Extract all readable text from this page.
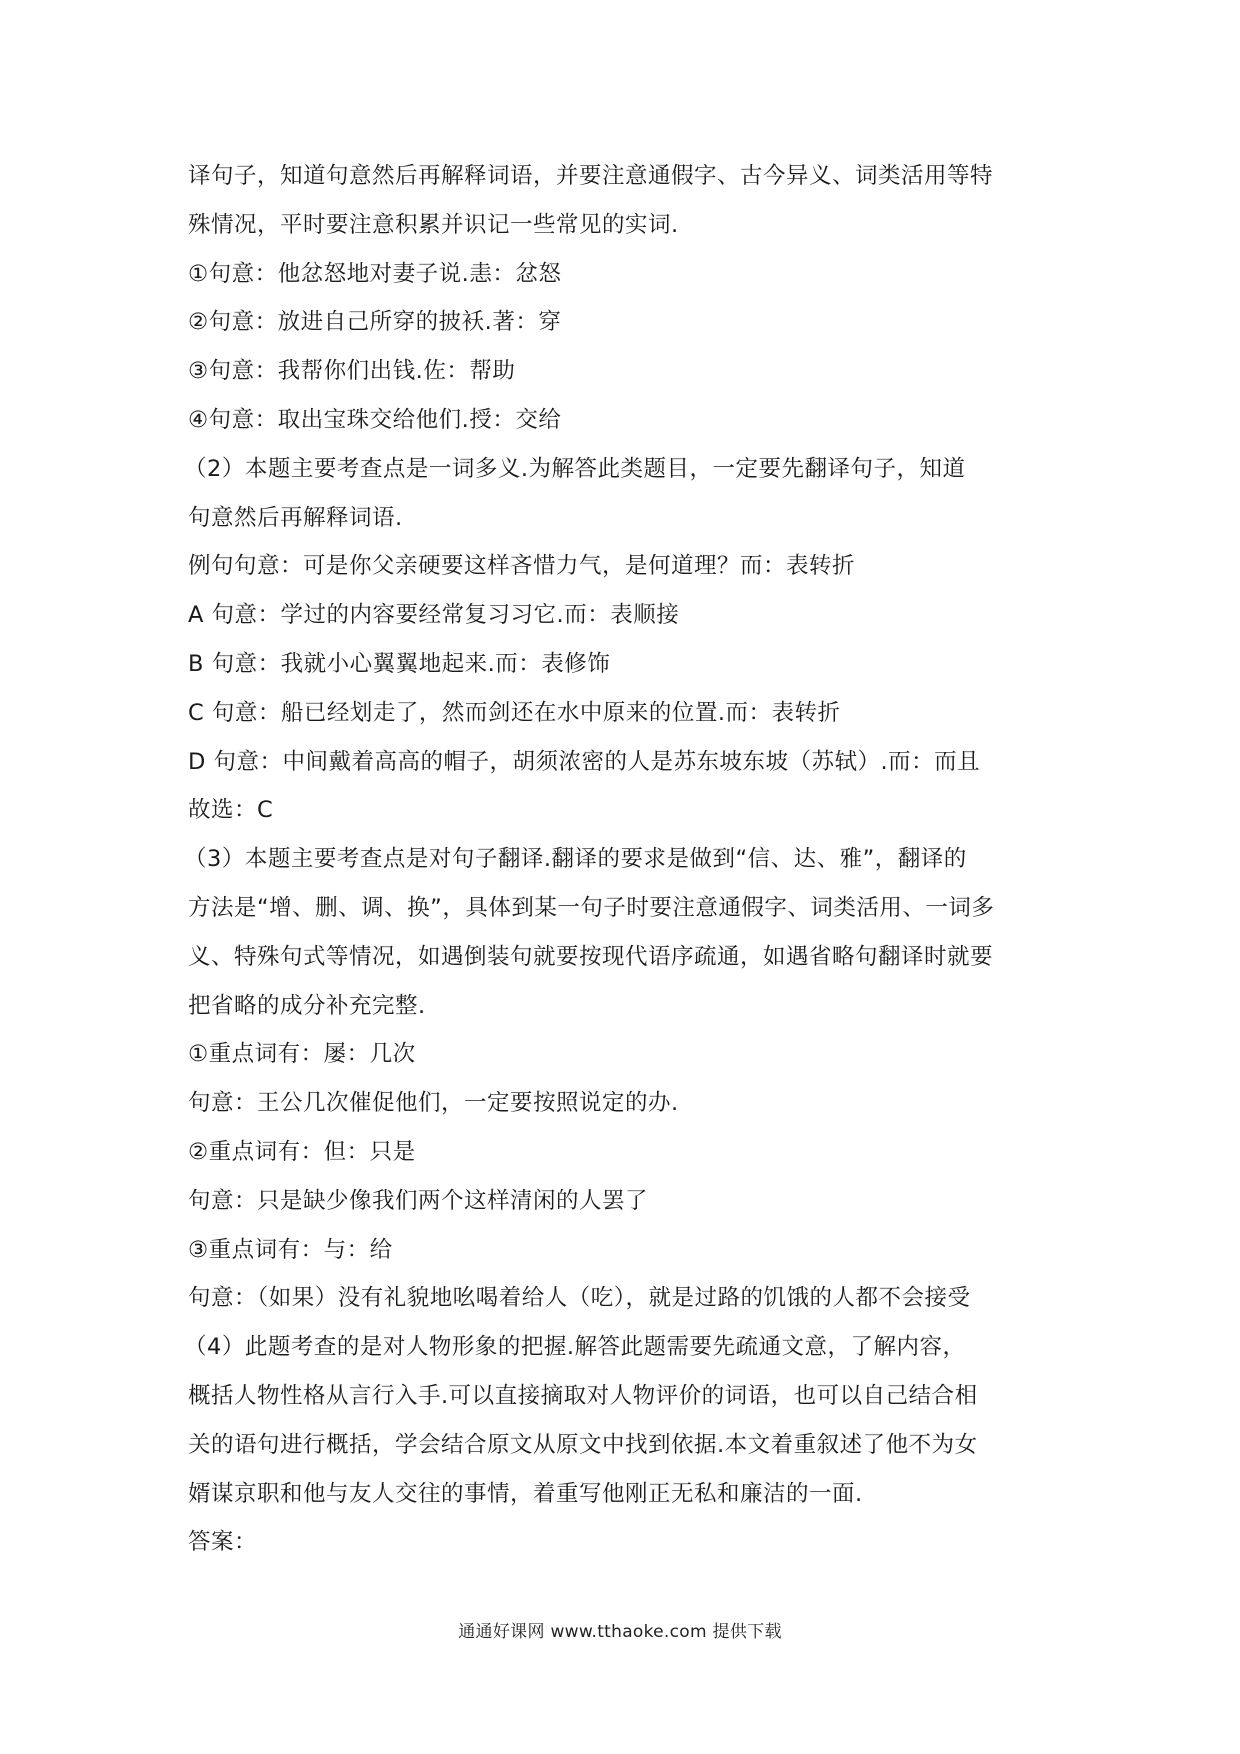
译句子，知道句意然后再解释词语，并要注意通假字、古今异义、词类活用等特
殊情况，平时要注意积累并识记一些常见的实词.
①句意：他忿怒地对妻子说.恚：忿怒
②句意：放进自己所穿的披袄.著：穿
③句意：我帮你们出钱.佐：帮助
④句意：取出宝珠交给他们.授：交给
（2）本题主要考查点是一词多义.为解答此类题目，一定要先翻译句子，知道
句意然后再解释词语.
例句句意：可是你父亲硬要这样吝惜力气，是何道理？而：表转折
A 句意：学过的内容要经常复习习它.而：表顺接
B 句意：我就小心翼翼地起来.而：表修饰
C 句意：船已经划走了，然而剑还在水中原来的位置.而：表转折
D 句意：中间戴着高高的帽子，胡须浓密的人是苏东坡东坡（苏轼）.而：而且
故选：C
（3）本题主要考查点是对句子翻译.翻译的要求是做到“信、达、雅”，翻译的
方法是“增、删、调、换”，具体到某一句子时要注意通假字、词类活用、一词多
义、特殊句式等情况，如遇倒装句就要按现代语序疏通，如遇省略句翻译时就要
把省略的成分补充完整.
①重点词有：屡：几次
句意：王公几次催促他们，一定要按照说定的办.
②重点词有：但：只是
句意：只是缺少像我们两个这样清闲的人罢了
③重点词有：与：给
句意：（如果）没有礼貌地吆喝着给人（吃），就是过路的饥饿的人都不会接受
（4）此题考查的是对人物形象的把握.解答此题需要先疏通文意，了解内容，
概括人物性格从言行入手.可以直接摘取对人物评价的词语，也可以自己结合相
关的语句进行概括，学会结合原文从原文中找到依据.本文着重叙述了他不为女
婿谋京职和他与友人交往的事情，着重写他刚正无私和廉洁的一面.
答案：
通通好课网 www.tthaoke.com 提供下载
